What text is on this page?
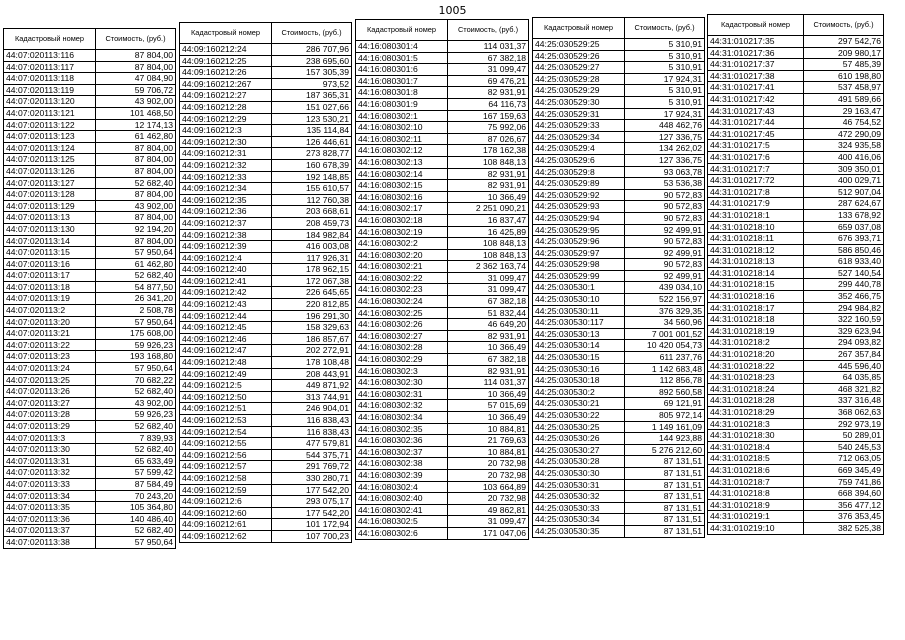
1005
Кадастровый номер	Стоимость, (руб.)
44:07:020113:116	87 804,00
44:07:020113:117	87 804,00
44:07:020113:118	47 084,90
44:07:020113:119	59 706,72
44:07:020113:120	43 902,00
44:07:020113:121	101 468,50
44:07:020113:122	12 174,13
44:07:020113:123	61 462,80
44:07:020113:124	87 804,00
44:07:020113:125	87 804,00
44:07:020113:126	87 804,00
44:07:020113:127	52 682,40
44:07:020113:128	87 804,00
44:07:020113:129	43 902,00
44:07:020113:13	87 804,00
44:07:020113:130	92 194,20
44:07:020113:14	87 804,00
44:07:020113:15	57 950,64
44:07:020113:16	61 462,80
44:07:020113:17	52 682,40
44:07:020113:18	54 877,50
44:07:020113:19	26 341,20
44:07:020113:2	2 508,78
44:07:020113:20	57 950,64
44:07:020113:21	175 608,00
44:07:020113:22	59 926,23
44:07:020113:23	193 168,80
44:07:020113:24	57 950,64
44:07:020113:25	70 682,22
44:07:020113:26	52 682,40
44:07:020113:27	43 902,00
44:07:020113:28	59 926,23
44:07:020113:29	52 682,40
44:07:020113:3	7 839,93
44:07:020113:30	52 682,40
44:07:020113:31	65 633,49
44:07:020113:32	57 599,42
44:07:020113:33	87 584,49
44:07:020113:34	70 243,20
44:07:020113:35	105 364,80
44:07:020113:36	140 486,40
44:07:020113:37	52 682,40
44:07:020113:38	57 950,64
Кадастровый номер	Стоимость, (руб.)
44:09:160212:24	286 707,96
44:09:160212:25	238 695,60
44:09:160212:26	157 305,39
44:09:160212:267	973,52
44:09:160212:27	187 365,31
44:09:160212:28	151 027,66
44:09:160212:29	123 530,21
44:09:160212:3	135 114,84
44:09:160212:30	126 446,61
44:09:160212:31	273 828,77
44:09:160212:32	160 678,39
44:09:160212:33	192 148,85
44:09:160212:34	155 610,57
44:09:160212:35	112 760,38
44:09:160212:36	203 668,61
44:09:160212:37	208 459,73
44:09:160212:38	184 982,84
44:09:160212:39	416 003,08
44:09:160212:4	117 926,31
44:09:160212:40	178 962,15
44:09:160212:41	172 067,38
44:09:160212:42	226 645,65
44:09:160212:43	220 812,85
44:09:160212:44	196 291,30
44:09:160212:45	158 329,63
44:09:160212:46	186 857,67
44:09:160212:47	202 272,91
44:09:160212:48	178 108,48
44:09:160212:49	208 443,91
44:09:160212:5	449 871,92
44:09:160212:50	313 744,91
44:09:160212:51	246 904,01
44:09:160212:53	116 838,43
44:09:160212:54	116 838,43
44:09:160212:55	477 579,81
44:09:160212:56	544 375,71
44:09:160212:57	291 769,72
44:09:160212:58	330 280,71
44:09:160212:59	177 542,20
44:09:160212:6	293 075,17
44:09:160212:60	177 542,20
44:09:160212:61	101 172,94
44:09:160212:62	107 700,23
Кадастровый номер	Стоимость, (руб.)
44:16:080301:4	114 031,37
44:16:080301:5	67 382,18
44:16:080301:6	31 099,47
44:16:080301:7	69 476,21
44:16:080301:8	82 931,91
44:16:080301:9	64 116,73
44:16:080302:1	167 159,63
44:16:080302:10	75 992,06
44:16:080302:11	87 026,67
44:16:080302:12	178 162,38
44:16:080302:13	108 848,13
44:16:080302:14	82 931,91
44:16:080302:15	82 931,91
44:16:080302:16	10 366,49
44:16:080302:17	2 251 090,21
44:16:080302:18	16 837,47
44:16:080302:19	16 425,89
44:16:080302:2	108 848,13
44:16:080302:20	108 848,13
44:16:080302:21	2 362 163,74
44:16:080302:22	31 099,47
44:16:080302:23	31 099,47
44:16:080302:24	67 382,18
44:16:080302:25	51 832,44
44:16:080302:26	46 649,20
44:16:080302:27	82 931,91
44:16:080302:28	10 366,49
44:16:080302:29	67 382,18
44:16:080302:3	82 931,91
44:16:080302:30	114 031,37
44:16:080302:31	10 366,49
44:16:080302:32	57 015,69
44:16:080302:34	10 366,49
44:16:080302:35	10 884,81
44:16:080302:36	21 769,63
44:16:080302:37	10 884,81
44:16:080302:38	20 732,98
44:16:080302:39	20 732,98
44:16:080302:4	103 664,89
44:16:080302:40	20 732,98
44:16:080302:41	49 862,81
44:16:080302:5	31 099,47
44:16:080302:6	171 047,06
Кадастровый номер	Стоимость, (руб.)
44:25:030529:25	5 310,91
44:25:030529:26	5 310,91
44:25:030529:27	5 310,91
44:25:030529:28	17 924,31
44:25:030529:29	5 310,91
44:25:030529:30	5 310,91
44:25:030529:31	17 924,31
44:25:030529:33	448 462,76
44:25:030529:34	127 336,75
44:25:030529:4	134 262,02
44:25:030529:6	127 336,75
44:25:030529:8	93 063,78
44:25:030529:89	53 536,38
44:25:030529:92	90 572,83
44:25:030529:93	90 572,83
44:25:030529:94	90 572,83
44:25:030529:95	92 499,91
44:25:030529:96	90 572,83
44:25:030529:97	92 499,91
44:25:030529:98	90 572,83
44:25:030529:99	92 499,91
44:25:030530:1	439 034,10
44:25:030530:10	522 156,97
44:25:030530:11	376 329,35
44:25:030530:117	34 560,96
44:25:030530:13	7 001 001,52
44:25:030530:14	10 420 054,73
44:25:030530:15	611 237,76
44:25:030530:16	1 142 683,48
44:25:030530:18	112 856,78
44:25:030530:2	892 560,58
44:25:030530:21	69 121,91
44:25:030530:22	805 972,14
44:25:030530:25	1 149 161,09
44:25:030530:26	144 923,88
44:25:030530:27	5 276 212,60
44:25:030530:28	87 131,51
44:25:030530:30	87 131,51
44:25:030530:31	87 131,51
44:25:030530:32	87 131,51
44:25:030530:33	87 131,51
44:25:030530:34	87 131,51
44:25:030530:35	87 131,51
Кадастровый номер	Стоимость, (руб.)
44:31:010217:35	297 542,76
44:31:010217:36	209 980,17
44:31:010217:37	57 485,39
44:31:010217:38	610 198,80
44:31:010217:41	537 458,97
44:31:010217:42	491 589,66
44:31:010217:43	29 163,47
44:31:010217:44	46 754,52
44:31:010217:45	472 290,09
44:31:010217:5	324 935,58
44:31:010217:6	400 416,06
44:31:010217:7	309 350,01
44:31:010217:72	400 029,71
44:31:010217:8	512 907,04
44:31:010217:9	287 624,67
44:31:010218:1	133 678,92
44:31:010218:10	659 037,08
44:31:010218:11	676 393,71
44:31:010218:12	586 850,46
44:31:010218:13	618 933,40
44:31:010218:14	527 140,54
44:31:010218:15	299 440,78
44:31:010218:16	352 466,75
44:31:010218:17	294 984,82
44:31:010218:18	322 160,59
44:31:010218:19	329 623,94
44:31:010218:2	294 093,82
44:31:010218:20	267 357,84
44:31:010218:22	445 596,40
44:31:010218:23	64 035,85
44:31:010218:24	468 321,82
44:31:010218:28	337 316,48
44:31:010218:29	368 062,63
44:31:010218:3	292 973,19
44:31:010218:30	50 289,01
44:31:010218:4	540 245,53
44:31:010218:5	712 063,05
44:31:010218:6	669 345,49
44:31:010218:7	759 741,86
44:31:010218:8	668 394,60
44:31:010218:9	356 477,12
44:31:010219:1	376 353,45
44:31:010219:10	382 525,38
